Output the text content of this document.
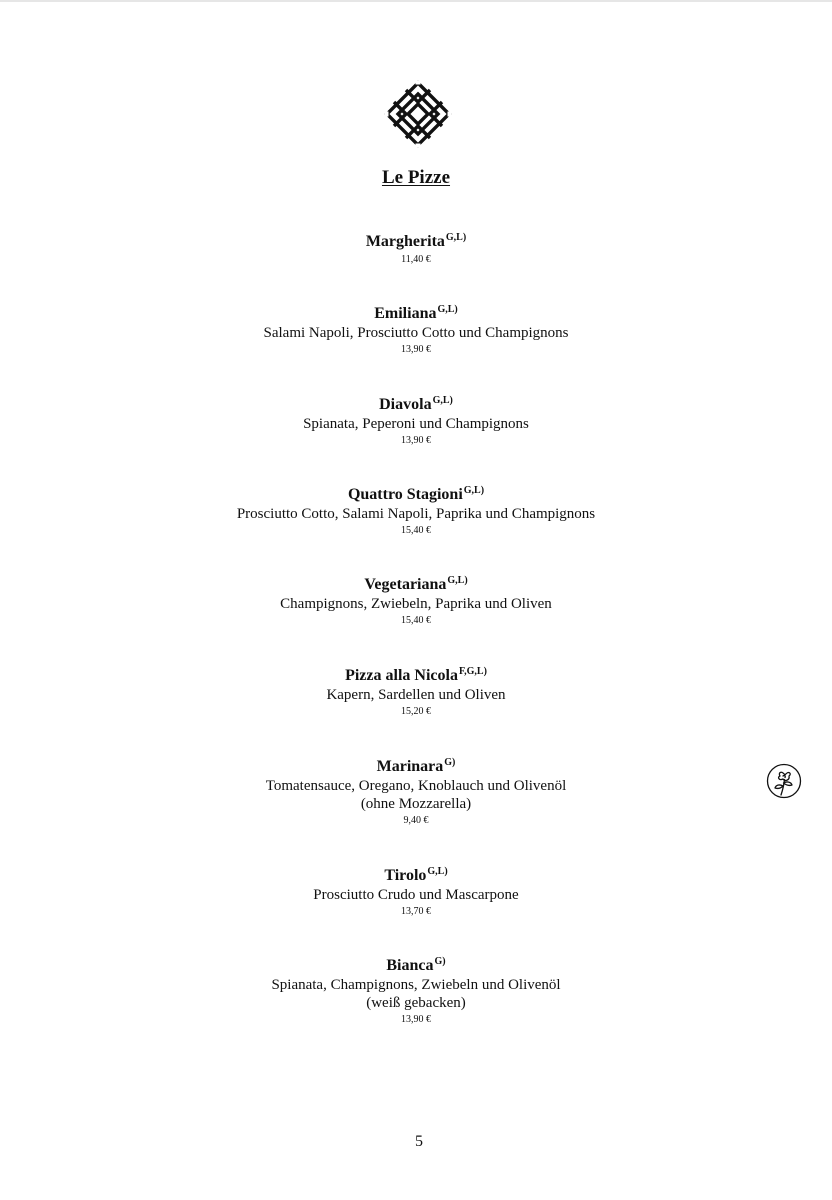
Le Pizze
Margherita$^{G,L)}$
11,40 €
Emiliana$^{G,L)}$
Salami Napoli, Prosciutto Cotto und Champignons
13,90 €
Diavola$^{G,L)}$
Spianata, Peperoni und Champignons
13,90 €
Quattro Stagioni$^{G,L)}$
Prosciutto Cotto, Salami Napoli, Paprika und Champignons
15,40 €
Vegetariana$^{G,L)}$
Champignons, Zwiebeln, Paprika und Oliven
15,40 €
Pizza alla Nicola$^{F,G,L)}$
Kapern, Sardellen und Oliven
15,20 €
Marinara$^{G)}$
Tomatensauce, Oregano, Knoblauch und Olivenöl
(ohne Mozzarella)
9,40 €
Tirolo$^{G,L)}$
Prosciutto Crudo und Mascarpone
13,70 €
Bianca$^{G)}$
Spianata, Champignons, Zwiebeln und Olivenöl
(weiß gebacken)
13,90 €
5
